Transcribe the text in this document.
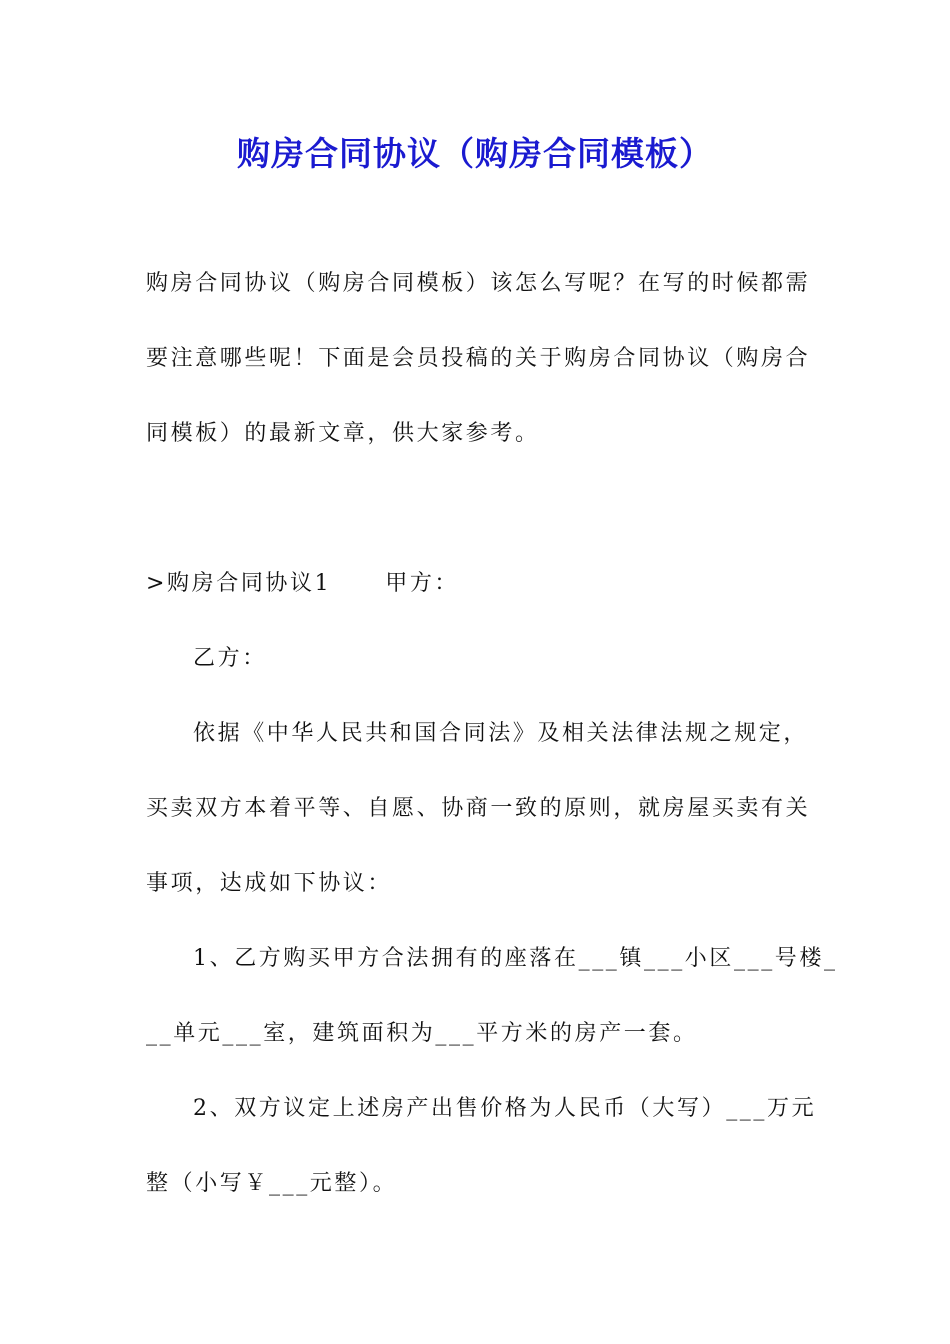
购房合同协议（购房合同模板）
购房合同协议（购房合同模板）该怎么写呢？在写的时候都需
要注意哪些呢！下面是会员投稿的关于购房合同协议（购房合
同模板）的最新文章，供大家参考。
>购房合同协议1 甲方：
乙方：
依据《中华人民共和国合同法》及相关法律法规之规定，
买卖双方本着平等、自愿、协商一致的原则，就房屋买卖有关
事项，达成如下协议：
1、乙方购买甲方合法拥有的座落在___镇___小区___号楼_
__单元___室，建筑面积为___平方米的房产一套。
2、双方议定上述房产出售价格为人民币（大写）___万元
整（小写￥___元整）。
